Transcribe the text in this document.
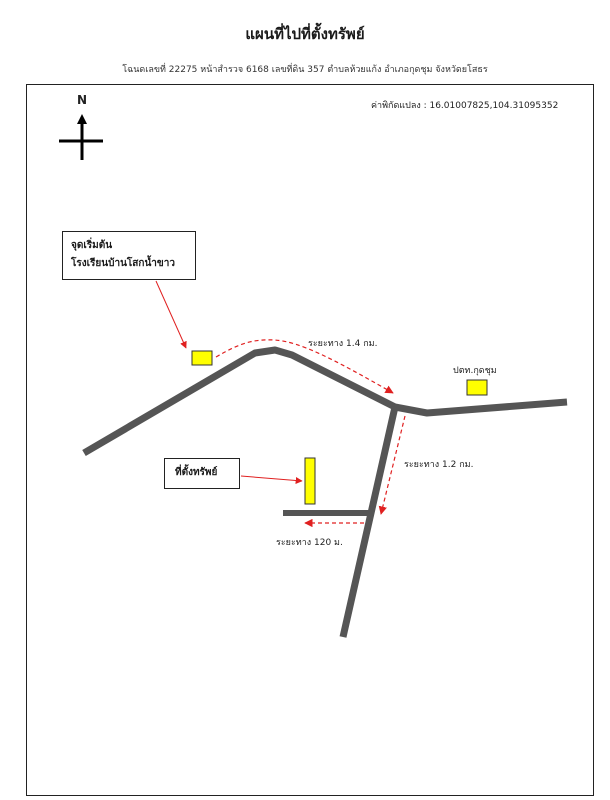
แผนที่ไปที่ตั้งทรัพย์
โฉนดเลขที่ 22275 หน้าสำรวจ 6168 เลขที่ดิน 357 ตำบลห้วยแก้ง อำเภอกุดชุม จังหวัดยโสธร
N	ค่าพิกัดแปลง : 16.01007825,104.31095352
จุดเริ่มต้น
โรงเรียนบ้านโสกน้ำขาว
ที่ตั้งทรัพย์
ระยะทาง 1.4 กม.
ปตท.กุดชุม
ระยะทาง 1.2 กม.
ระยะทาง 120 ม.
